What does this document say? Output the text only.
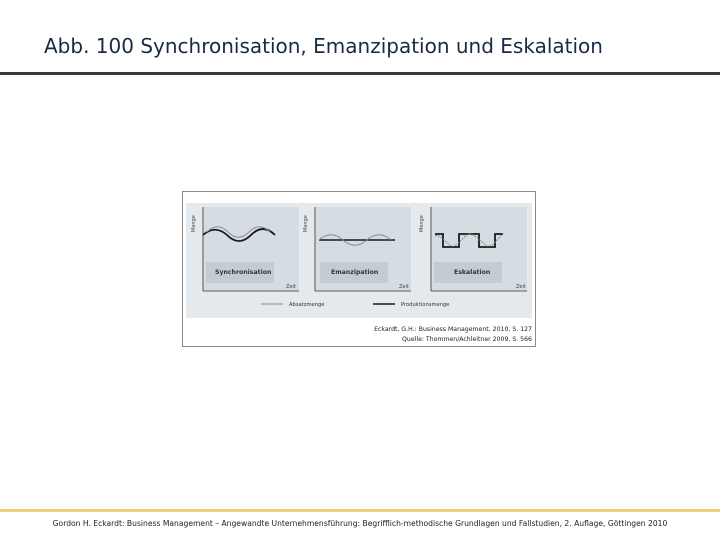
Abb. 100 Synchronisation, Emanzipation und Eskalation
Menge
Zeit
Synchronisation
Menge
Zeit
Emanzipation
Menge
Zeit
Eskalation
Absatzmenge	Produktionsmenge
Eckardt, G.H.: Business Management, 2010, S. 127
Quelle: Thommen/Achleitner 2009, S. 566
Gordon H. Eckardt: Business Management – Angewandte Unternehmensführung: Begrifflich-methodische Grundlagen und Fallstudien, 2. Auflage, Göttingen 2010
